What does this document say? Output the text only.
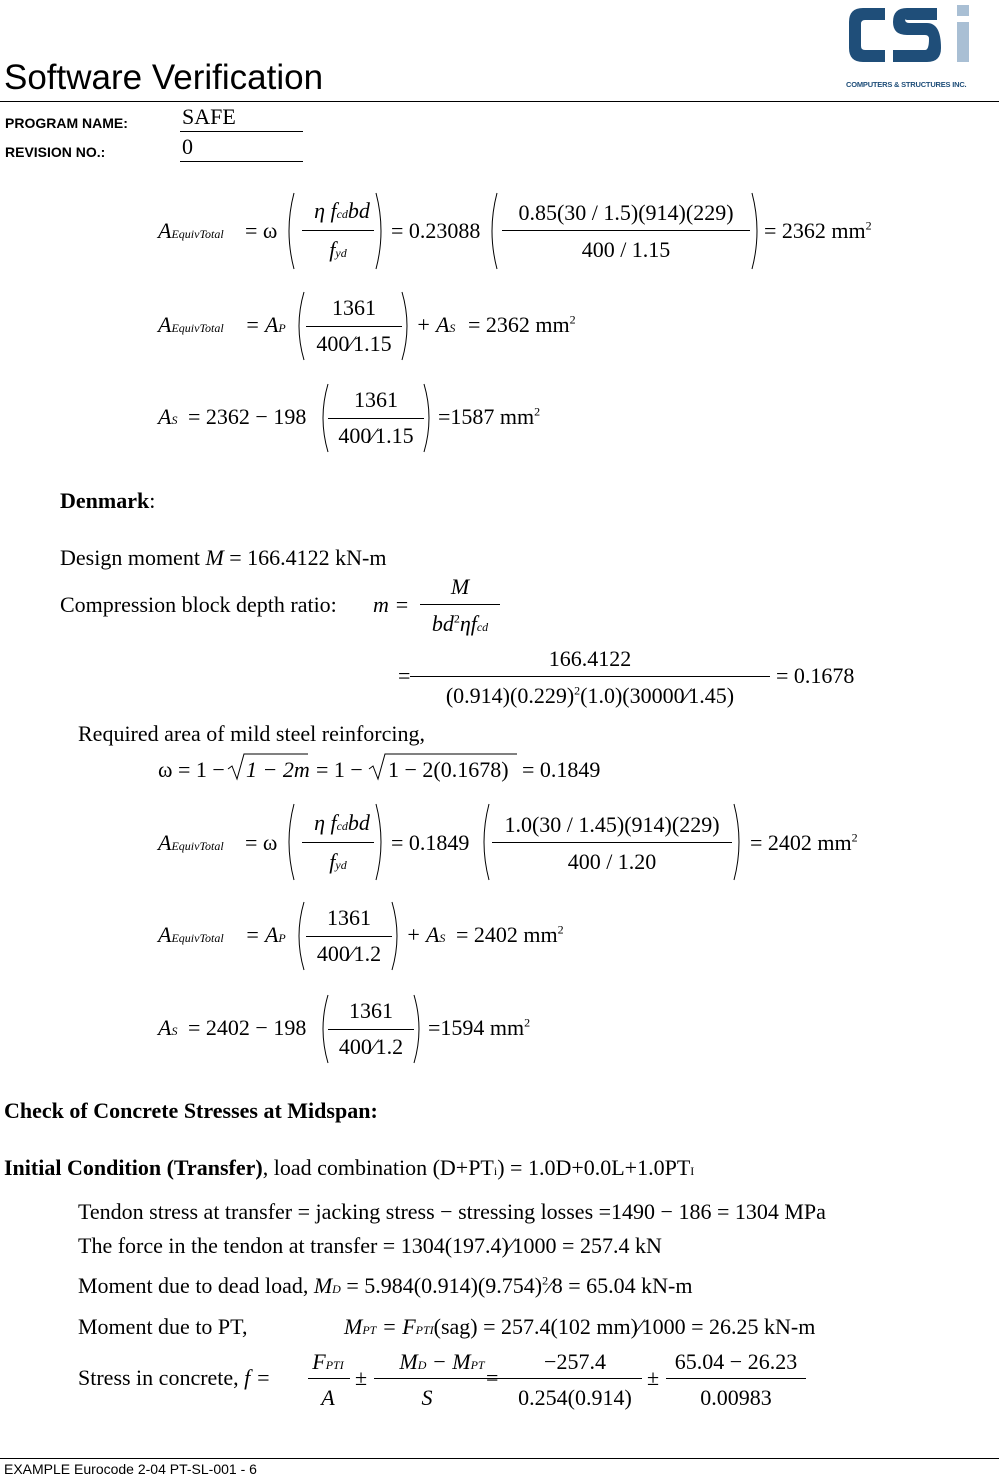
Software Verification	COMPUTERS & STRUCTURES INC.
PROGRAM NAME: SAFE
REVISION NO.:	0
AEquivTotal = ω
η fcdbd
fyd
= 0.23088
0.85(30 / 1.5)(914)(229)
400 / 1.15
= 2362 $mm^2$
AEquivTotal = AP
1361
400⁄1.15
+ AS = 2362 $mm^2$
AS = 2362 − 198
1361
400⁄1.15
=1587 $mm^2$
Denmark:
Design moment M = 166.4122 kN-m
Compression block depth ratio: m =
M
$bd^2\eta fcd$
=
166.4122
$(0.914)(0.229)^2(1.0)(30000⁄1.45)$
= 0.1678
Required area of mild steel reinforcing,
ω = 1 − 1 − 2m = 1 − 1 − 2(0.1678) = 0.1849
AEquivTotal = ω
η fcdbd
fyd
= 0.1849
1.0(30 / 1.45)(914)(229)
400 / 1.20
= 2402 $mm^2$
AEquivTotal = AP
1361
400⁄1.2
+ AS = 2402 $mm^2$
AS = 2402 − 198
1361
400⁄1.2
=1594 $mm^2$
Check of Concrete Stresses at Midspan:
Initial Condition (Transfer), load combination (D+PTi) = 1.0D+0.0L+1.0PTI
Tendon stress at transfer = jacking stress − stressing losses =1490 − 186 = 1304 MPa
The force in the tendon at transfer = 1304(197.4)⁄1000 = 257.4 kN
Moment due to dead load, MD = $5.984(0.914)(9.754)^2⁄8 = 65.04$ kN-m
Moment due to PT,	MPT = FPTI(sag) = 257.4(102 mm)⁄1000 = 26.25 kN-m
Stress in concrete, f =
FPTI
A
±
MD − MPT
S
=
−257.4
0.254(0.914)
±
65.04 − 26.23
0.00983
EXAMPLE Eurocode 2-04 PT-SL-001 - 6
